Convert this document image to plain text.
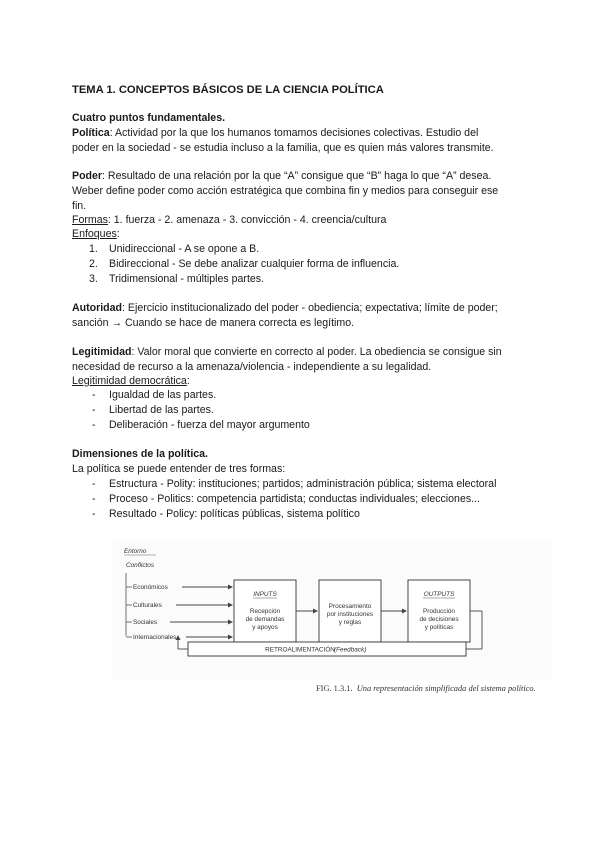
TEMA 1. CONCEPTOS BÁSICOS DE LA CIENCIA POLÍTICA
Cuatro puntos fundamentales.
Política: Actividad por la que los humanos tomamos decisiones colectivas. Estudio del
poder en la sociedad - se estudia incluso a la familia, que es quien más valores transmite.
Poder: Resultado de una relación por la que “A” consigue que “B” haga lo que “A” desea.
Weber define poder como acción estratégica que combina fin y medios para conseguir ese
fin.
Formas: 1. fuerza - 2. amenaza - 3. convicción - 4. creencia/cultura
Enfoques:
1. Unidireccional - A se opone a B.
2. Bidireccional - Se debe analizar cualquier forma de influencia.
3. Tridimensional - múltiples partes.
Autoridad: Ejercicio institucionalizado del poder - obediencia; expectativa; límite de poder;
sanción → Cuando se hace de manera correcta es legítimo.
Legitimidad: Valor moral que convierte en correcto al poder. La obediencia se consigue sin
necesidad de recurso a la amenaza/violencia - independiente a su legalidad.
Legitimidad democrática:
- Igualdad de las partes.
- Libertad de las partes.
- Deliberación - fuerza del mayor argumento
Dimensiones de la política.
La política se puede entender de tres formas:
- Estructura - Polity: instituciones; partidos; administración pública; sistema electoral
- Proceso - Politics: competencia partidista; conductas individuales; elecciones...
- Resultado - Policy: políticas públicas, sistema político
Entorno
Conflictos
Económicos
Culturales
Sociales
Internacionales
INPUTS
Recepción
de demandas
y apoyos
Procesamiento
por instituciones
y reglas
OUTPUTS
Producción
de decisiones
y políticas
RETROALIMENTACIÓN (Feedback)
FIG. 1.3.1. Una representación simplificada del sistema político.
